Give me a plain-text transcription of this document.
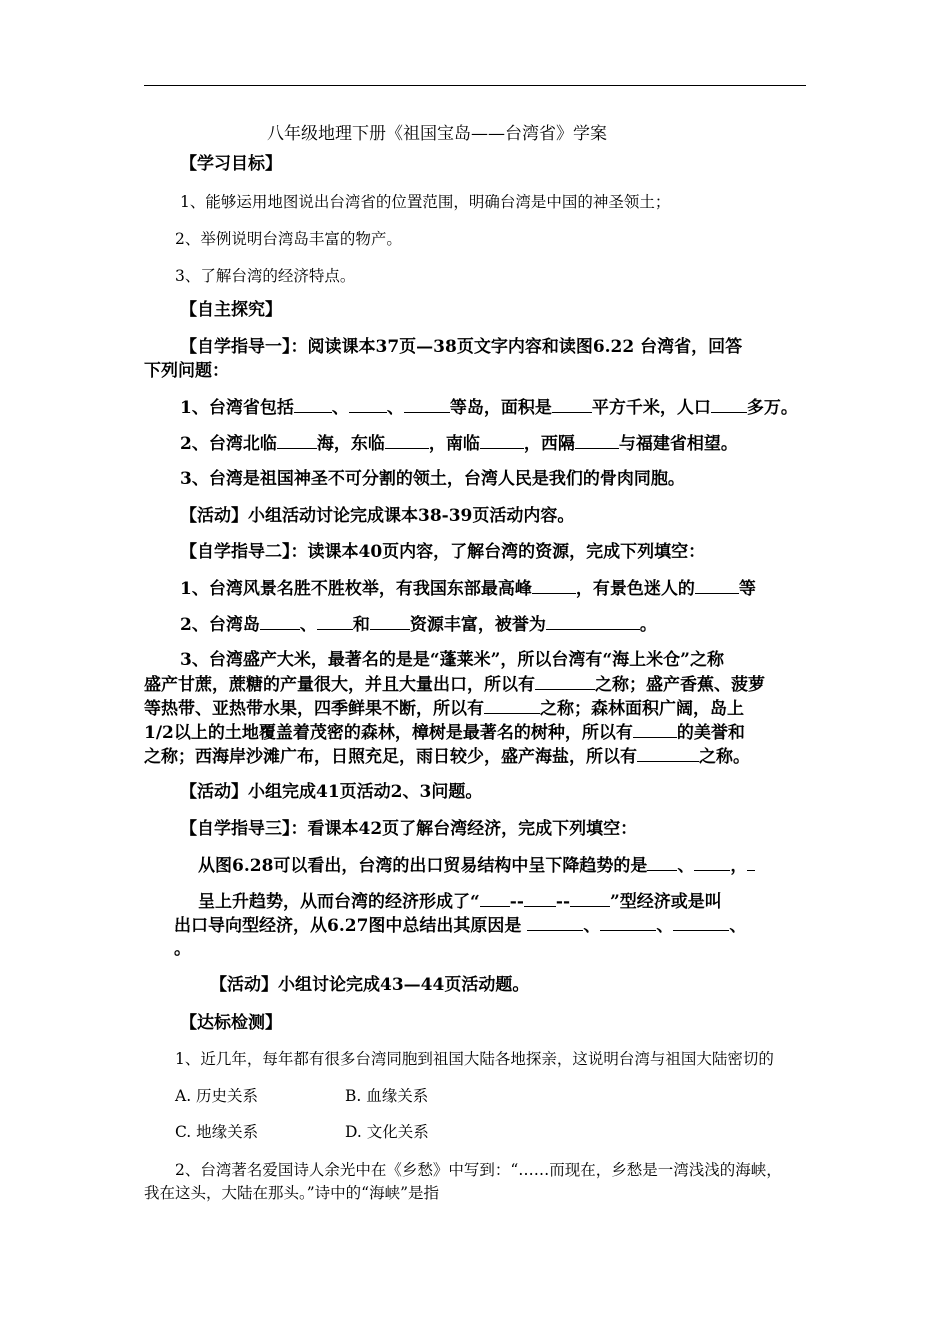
八年级地理下册《祖国宝岛——台湾省》学案
【学习目标】
1、能够运用地图说出台湾省的位置范围，明确台湾是中国的神圣领土；
2、举例说明台湾岛丰富的物产。
3、了解台湾的经济特点。
【自主探究】
【自学指导一】：阅读课本37页—38页文字内容和读图6.22 台湾省，回答
下列问题：
1、台湾省包括 、 、	等岛，面积是 平方千米，人口 多万。
2、台湾北临 海，东临	，南临	，西隔	与福建省相望。
3、台湾是祖国神圣不可分割的领土，台湾人民是我们的骨肉同胞。
【活动】小组活动讨论完成课本38-39页活动内容。
【自学指导二】：读课本40页内容，了解台湾的资源，完成下列填空：
1、台湾风景名胜不胜枚举，有我国东部最高峰	，有景色迷人的	等
2、台湾岛 、 和 资源丰富，被誉为	。
3、台湾盛产大米，最著名的是是“蓬莱米”，所以台湾有“海上米仓”之称
盛产甘蔗，蔗糖的产量很大，并且大量出口，所以有	之称；盛产香蕉、菠萝
等热带、亚热带水果，四季鲜果不断，所以有	之称；森林面积广阔，岛上
1/2以上的土地覆盖着茂密的森林，樟树是最著名的树种，所以有	的美誉和
之称；西海岸沙滩广布，日照充足，雨日较少，盛产海盐，所以有	之称。
【活动】小组完成41页活动2、3问题。
【自学指导三】：看课本42页了解台湾经济，完成下列填空：
从图6.28可以看出，台湾的出口贸易结构中呈下降趋势的是 、 ，
呈上升趋势，从而台湾的经济形成了“ -- -- ”型经济或是叫
出口导向型经济，从6.27图中总结出其原因是	、	、	、
。
【活动】小组讨论完成43—44页活动题。
【达标检测】
1、近几年，每年都有很多台湾同胞到祖国大陆各地探亲，这说明台湾与祖国大陆密切的
A. 历史关系	B. 血缘关系
C. 地缘关系	D. 文化关系
2、台湾著名爱国诗人余光中在《乡愁》中写到：“……而现在，乡愁是一湾浅浅的海峡，
我在这头，大陆在那头。”诗中的“海峡”是指
